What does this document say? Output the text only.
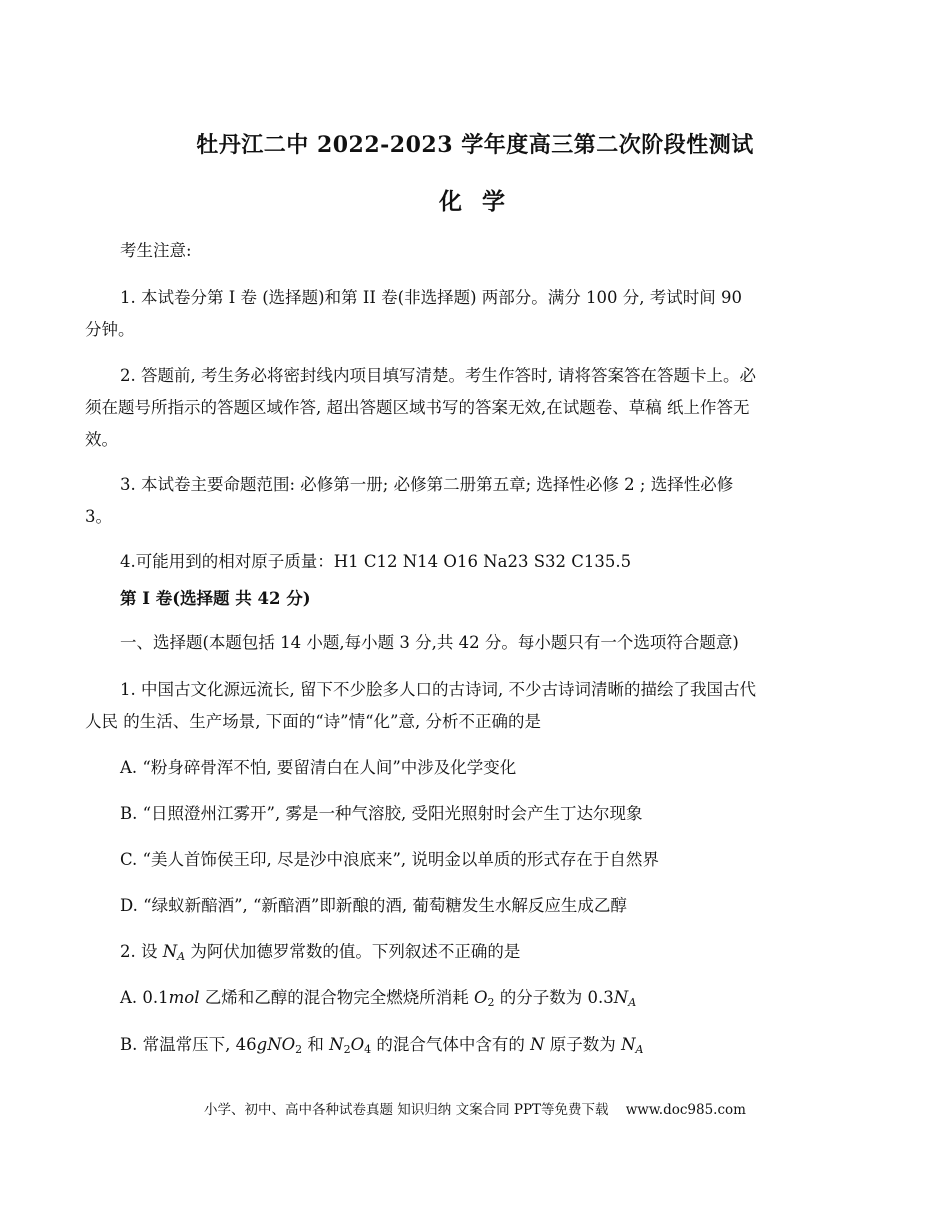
牡丹江二中 2022-2023 学年度高三第二次阶段性测试
化 学
考生注意:
1. 本试卷分第 I 卷 (选择题)和第 II 卷(非选择题) 两部分。满分 100 分, 考试时间 90
分钟。
2. 答题前, 考生务必将密封线内项目填写清楚。考生作答时, 请将答案答在答题卡上。必
须在题号所指示的答题区域作答, 超出答题区域书写的答案无效,在试题卷、草稿 纸上作答无
效。
3. 本试卷主要命题范围: 必修第一册; 必修第二册第五章; 选择性必修 2 ; 选择性必修
3。
4.可能用到的相对原子质量：H1 C12 N14 O16 Na23 S32 C135.5
第 I 卷(选择题 共 42 分)
一、选择题(本题包括 14 小题,每小题 3 分,共 42 分。每小题只有一个选项符合题意)
1. 中国古文化源远流长, 留下不少脍多人口的古诗词, 不少古诗词清晰的描绘了我国古代
人民 的生活、生产场景, 下面的“诗”情“化”意, 分析不正确的是
A. “粉身碎骨浑不怕, 要留清白在人间”中涉及化学变化
B. “日照澄州江雾开”, 雾是一种气溶胶, 受阳光照射时会产生丁达尔现象
C. “美人首饰侯王印, 尽是沙中浪底来”, 说明金以单质的形式存在于自然界
D. “绿蚁新醅酒”, “新醅酒”即新酿的酒, 葡萄糖发生水解反应生成乙醇
2. 设 $N_A$ 为阿伏加德罗常数的值。下列叙述不正确的是
A. 0.1mol 乙烯和乙醇的混合物完全燃烧所消耗 O2 的分子数为 $0.3N_A$
B. 常温常压下, 46gNO2 和 N2O4 的混合气体中含有的 N 原子数为 $N_A$
小学、初中、高中各种试卷真题 知识归纳 文案合同 PPT等免费下载    www.doc985.com
